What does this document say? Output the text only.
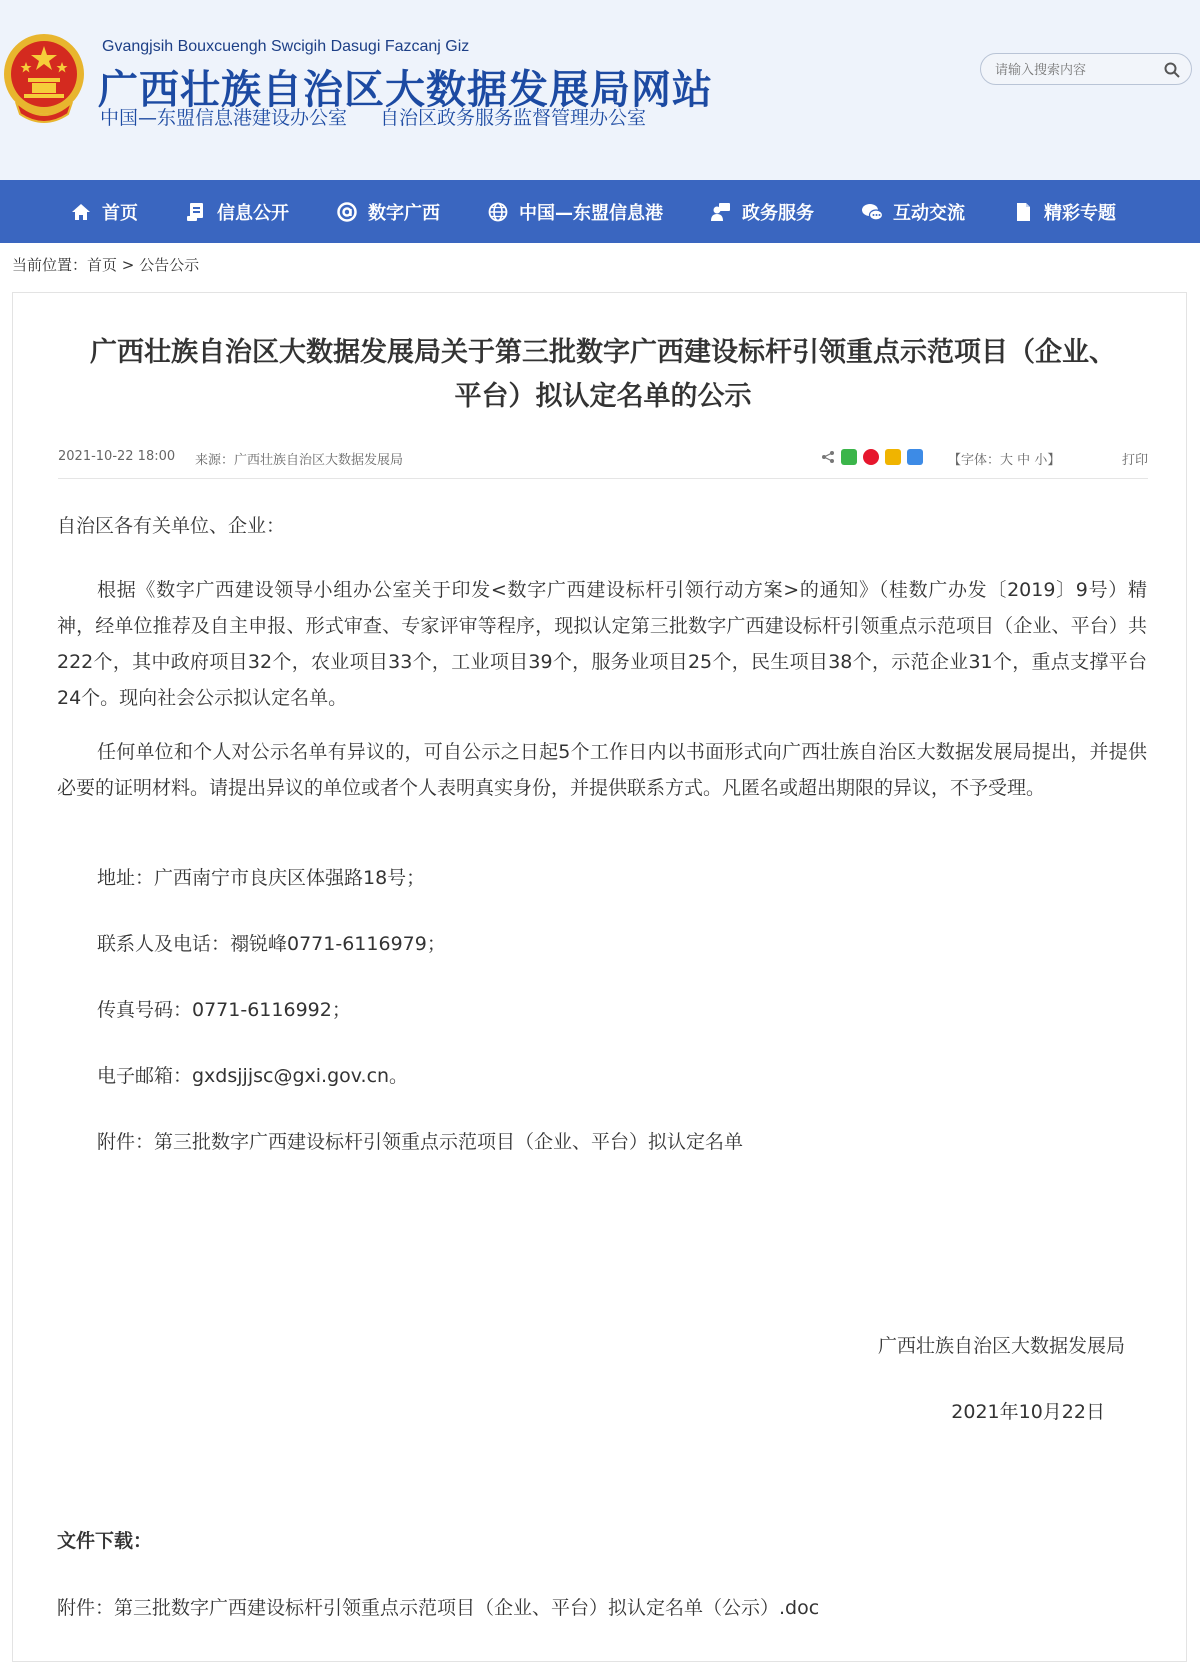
Gvangjsih Bouxcuengh Swcigih Dasugi Fazcanj Giz
广西壮族自治区大数据发展局网站
中国—东盟信息港建设办公室 自治区政务服务监督管理办公室
请输入搜索内容
首页	信息公开	数字广西	中国—东盟信息港	政务服务	互动交流	精彩专题
当前位置：首页 > 公告公示
广西壮族自治区大数据发展局关于第三批数字广西建设标杆引领重点示范项目（企业、
平台）拟认定名单的公示
2021-10-22 18:00 来源：广西壮族自治区大数据发展局	【字体：大 中 小】	打印

自治区各有关单位、企业：

根据《数字广西建设领导小组办公室关于印发<数字广西建设标杆引领行动方案>的通知》（桂数广办发〔2019〕9号）精神，经单位推荐及自主申报、形式审查、专家评审等程序，现拟认定第三批数字广西建设标杆引领重点示范项目（企业、平台）共222个，其中政府项目32个，农业项目33个，工业项目39个，服务业项目25个，民生项目38个，示范企业31个，重点支撑平台24个。现向社会公示拟认定名单。

任何单位和个人对公示名单有异议的，可自公示之日起5个工作日内以书面形式向广西壮族自治区大数据发展局提出，并提供必要的证明材料。请提出异议的单位或者个人表明真实身份，并提供联系方式。凡匿名或超出期限的异议，不予受理。

地址：广西南宁市良庆区体强路18号；

联系人及电话：禤锐峰0771-6116979；

传真号码：0771-6116992；

电子邮箱：gxdsjjjsc@gxi.gov.cn。

附件：第三批数字广西建设标杆引领重点示范项目（企业、平台）拟认定名单

广西壮族自治区大数据发展局

2021年10月22日

文件下载：
附件：第三批数字广西建设标杆引领重点示范项目（企业、平台）拟认定名单（公示）.doc
